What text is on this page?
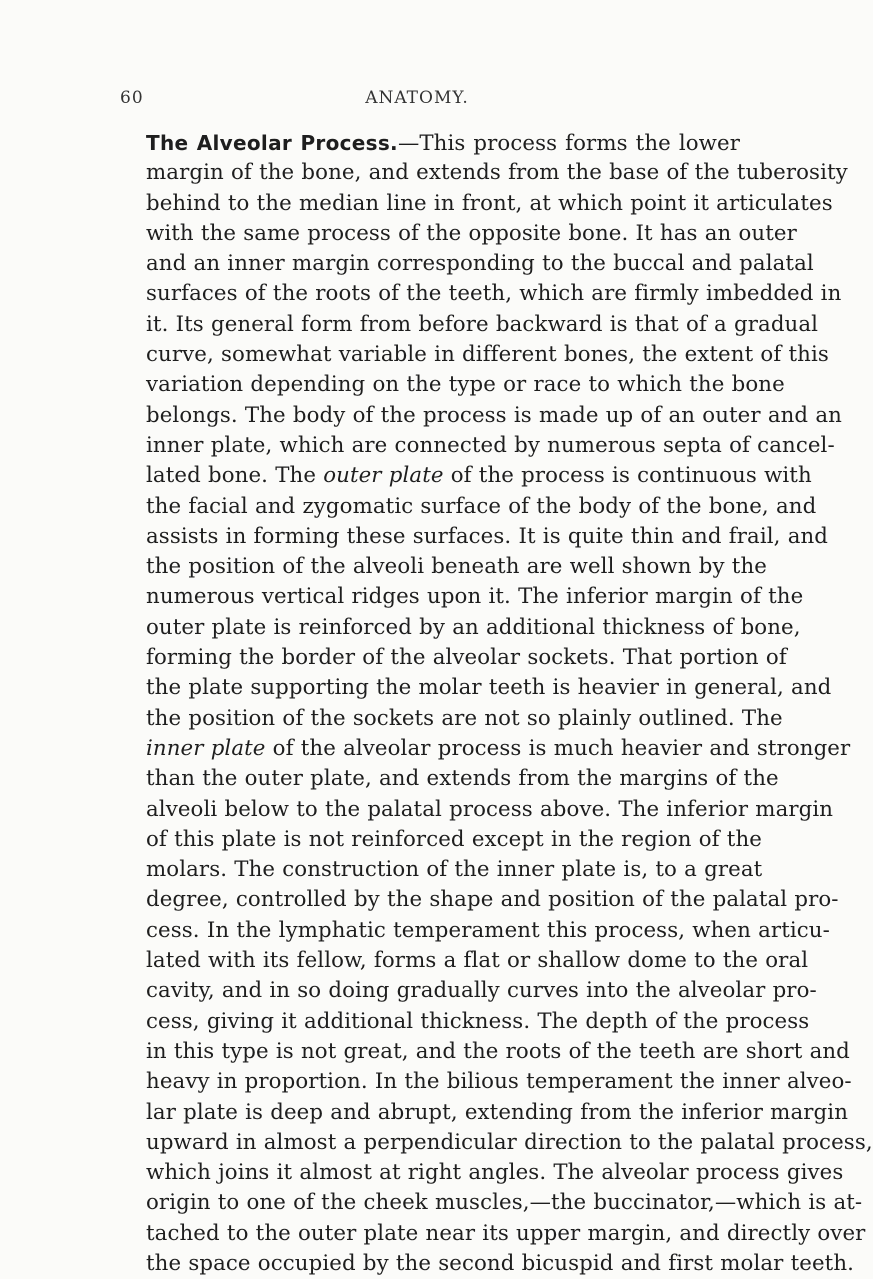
60	ANATOMY.

The Alveolar Process.—This process forms the lower
margin of the bone, and extends from the base of the tuberosity
behind to the median line in front, at which point it articulates
with the same process of the opposite bone. It has an outer
and an inner margin corresponding to the buccal and palatal
surfaces of the roots of the teeth, which are firmly imbedded in
it. Its general form from before backward is that of a gradual
curve, somewhat variable in different bones, the extent of this
variation depending on the type or race to which the bone
belongs. The body of the process is made up of an outer and an
inner plate, which are connected by numerous septa of cancel-
lated bone. The outer plate of the process is continuous with
the facial and zygomatic surface of the body of the bone, and
assists in forming these surfaces. It is quite thin and frail, and
the position of the alveoli beneath are well shown by the
numerous vertical ridges upon it. The inferior margin of the
outer plate is reinforced by an additional thickness of bone,
forming the border of the alveolar sockets. That portion of
the plate supporting the molar teeth is heavier in general, and
the position of the sockets are not so plainly outlined. The
inner plate of the alveolar process is much heavier and stronger
than the outer plate, and extends from the margins of the
alveoli below to the palatal process above. The inferior margin
of this plate is not reinforced except in the region of the
molars. The construction of the inner plate is, to a great
degree, controlled by the shape and position of the palatal pro-
cess. In the lymphatic temperament this process, when articu-
lated with its fellow, forms a flat or shallow dome to the oral
cavity, and in so doing gradually curves into the alveolar pro-
cess, giving it additional thickness. The depth of the process
in this type is not great, and the roots of the teeth are short and
heavy in proportion. In the bilious temperament the inner alveo-
lar plate is deep and abrupt, extending from the inferior margin
upward in almost a perpendicular direction to the palatal process,
which joins it almost at right angles. The alveolar process gives
origin to one of the cheek muscles,—the buccinator,—which is at-
tached to the outer plate near its upper margin, and directly over
the space occupied by the second bicuspid and first molar teeth.
